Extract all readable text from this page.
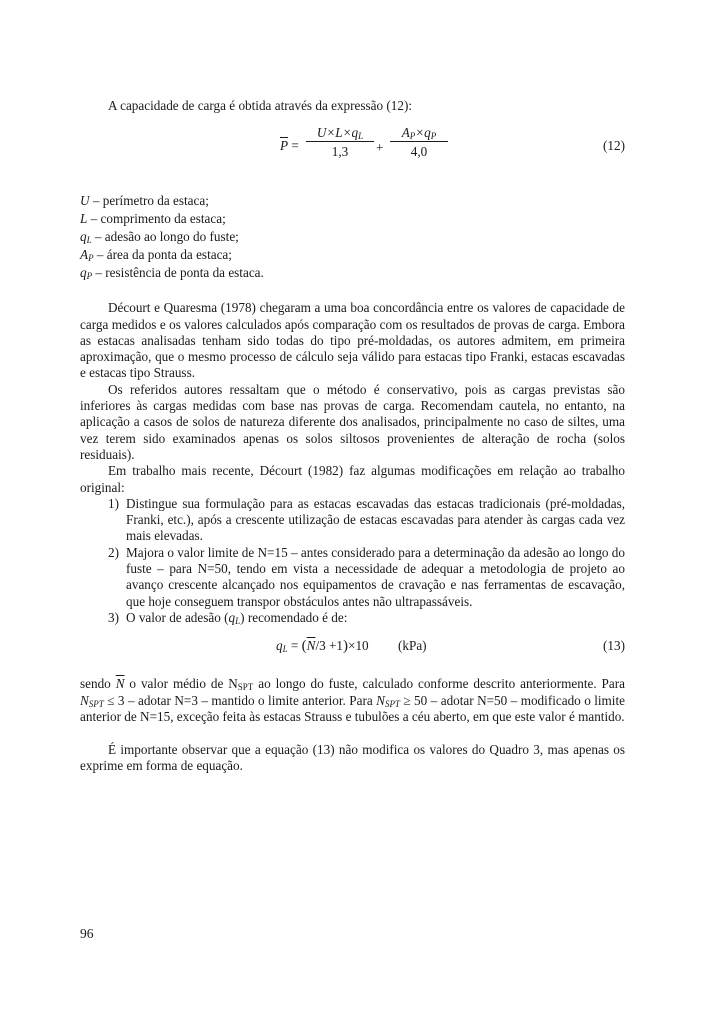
A capacidade de carga é obtida através da expressão (12):

$\overline{P} = \frac{U\times L\times q_L}{1,3} + \frac{A_P\times q_P}{4,0}$	(12)

U – perímetro da estaca;

L – comprimento da estaca;

$q_L$ – adesão ao longo do fuste;

$A_P$ – área da ponta da estaca;

$q_P$ – resistência de ponta da estaca.

Décourt e Quaresma (1978) chegaram a uma boa concordância entre os valores de capacidade de carga medidos e os valores calculados após comparação com os resultados de provas de carga. Embora as estacas analisadas tenham sido todas do tipo pré-moldadas, os autores admitem, em primeira aproximação, que o mesmo processo de cálculo seja válido para estacas tipo Franki, estacas escavadas e estacas tipo Strauss.

Os referidos autores ressaltam que o método é conservativo, pois as cargas previstas são inferiores às cargas medidas com base nas provas de carga. Recomendam cautela, no entanto, na aplicação a casos de solos de natureza diferente dos analisados, principalmente no caso de siltes, uma vez terem sido examinados apenas os solos siltosos provenientes de alteração de rocha (solos residuais).

Em trabalho mais recente, Décourt (1982) faz algumas modificações em relação ao trabalho original:

1) Distingue sua formulação para as estacas escavadas das estacas tradicionais (pré-moldadas, Franki, etc.), após a crescente utilização de estacas escavadas para atender às cargas cada vez mais elevadas.

2) Majora o valor limite de N=15 – antes considerado para a determinação da adesão ao longo do fuste – para N=50, tendo em vista a necessidade de adequar a metodologia de projeto ao avanço crescente alcançado nos equipamentos de cravação e nas ferramentas de escavação, que hoje conseguem transpor obstáculos antes não ultrapassáveis.

3) O valor de adesão $(q_L)$ recomendado é de:

$q_L = (\overline{N}/3 +1)\times 10$ (kPa)	(13)

sendo $\overline{N}$ o valor médio de $N_{SPT}$ ao longo do fuste, calculado conforme descrito anteriormente. Para $N_{SPT} \le 3$ – adotar N=3 – mantido o limite anterior. Para $N_{SPT} \ge 50$ – adotar N=50 – modificado o limite anterior de N=15, exceção feita às estacas Strauss e tubulões a céu aberto, em que este valor é mantido.

É importante observar que a equação (13) não modifica os valores do Quadro 3, mas apenas os exprime em forma de equação.

96
